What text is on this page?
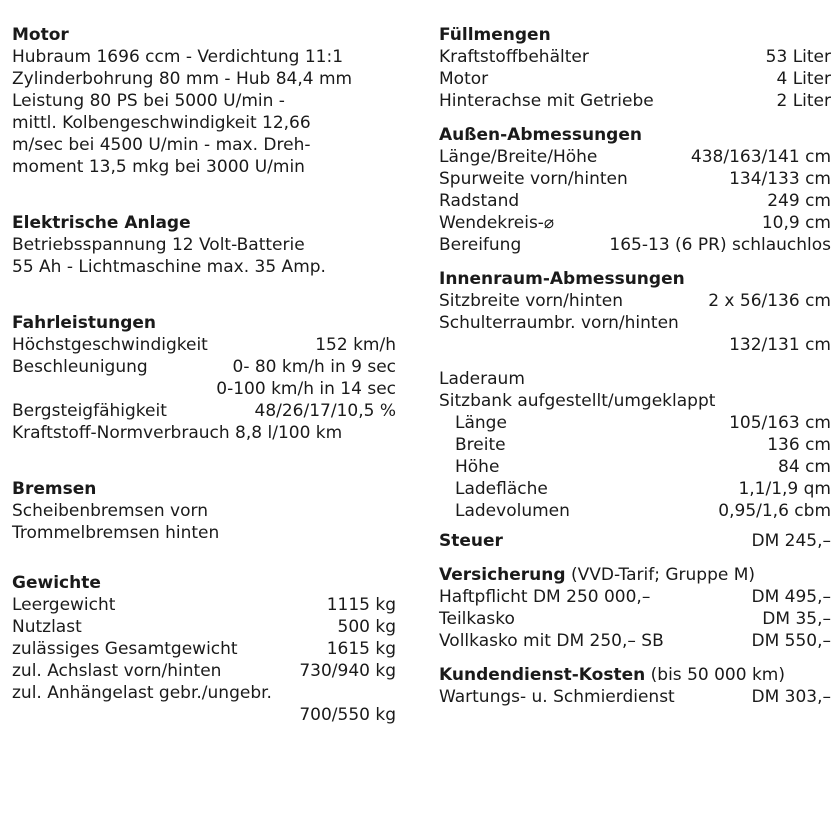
Motor
Hubraum 1696 ccm - Verdichtung 11:1
Zylinderbohrung 80 mm - Hub 84,4 mm
Leistung 80 PS bei 5000 U/min -
mittl. Kolbengeschwindigkeit 12,66
m/sec bei 4500 U/min - max. Dreh-
moment 13,5 mkg bei 3000 U/min
Elektrische Anlage
Betriebsspannung 12 Volt-Batterie
55 Ah - Lichtmaschine max. 35 Amp.
Fahrleistungen
Höchstgeschwindigkeit	152 km/h
Beschleunigung	0- 80 km/h in 9 sec
0-100 km/h in 14 sec
Bergsteigfähigkeit	48/26/17/10,5 %
Kraftstoff-Normverbrauch 8,8 l/100 km
Bremsen
Scheibenbremsen vorn
Trommelbremsen hinten
Gewichte
Leergewicht	1115 kg
Nutzlast	500 kg
zulässiges Gesamtgewicht	1615 kg
zul. Achslast vorn/hinten	730/940 kg
zul. Anhängelast gebr./ungebr.
700/550 kg
Füllmengen
Kraftstoffbehälter	53 Liter
Motor	4 Liter
Hinterachse mit Getriebe	2 Liter
Außen-Abmessungen
Länge/Breite/Höhe	438/163/141 cm
Spurweite vorn/hinten	134/133 cm
Radstand	249 cm
Wendekreis-⌀	10,9 cm
Bereifung	165-13 (6 PR) schlauchlos
Innenraum-Abmessungen
Sitzbreite vorn/hinten	2 x 56/136 cm
Schulterraumbr. vorn/hinten
132/131 cm
Laderaum
Sitzbank aufgestellt/umgeklappt
Länge	105/163 cm
Breite	136 cm
Höhe	84 cm
Ladefläche	1,1/1,9 qm
Ladevolumen	0,95/1,6 cbm
Steuer	DM 245,–
Versicherung (VVD-Tarif; Gruppe M)
Haftpflicht DM 250 000,–	DM 495,–
Teilkasko	DM 35,–
Vollkasko mit DM 250,– SB	DM 550,–
Kundendienst-Kosten (bis 50 000 km)
Wartungs- u. Schmierdienst	DM 303,–
